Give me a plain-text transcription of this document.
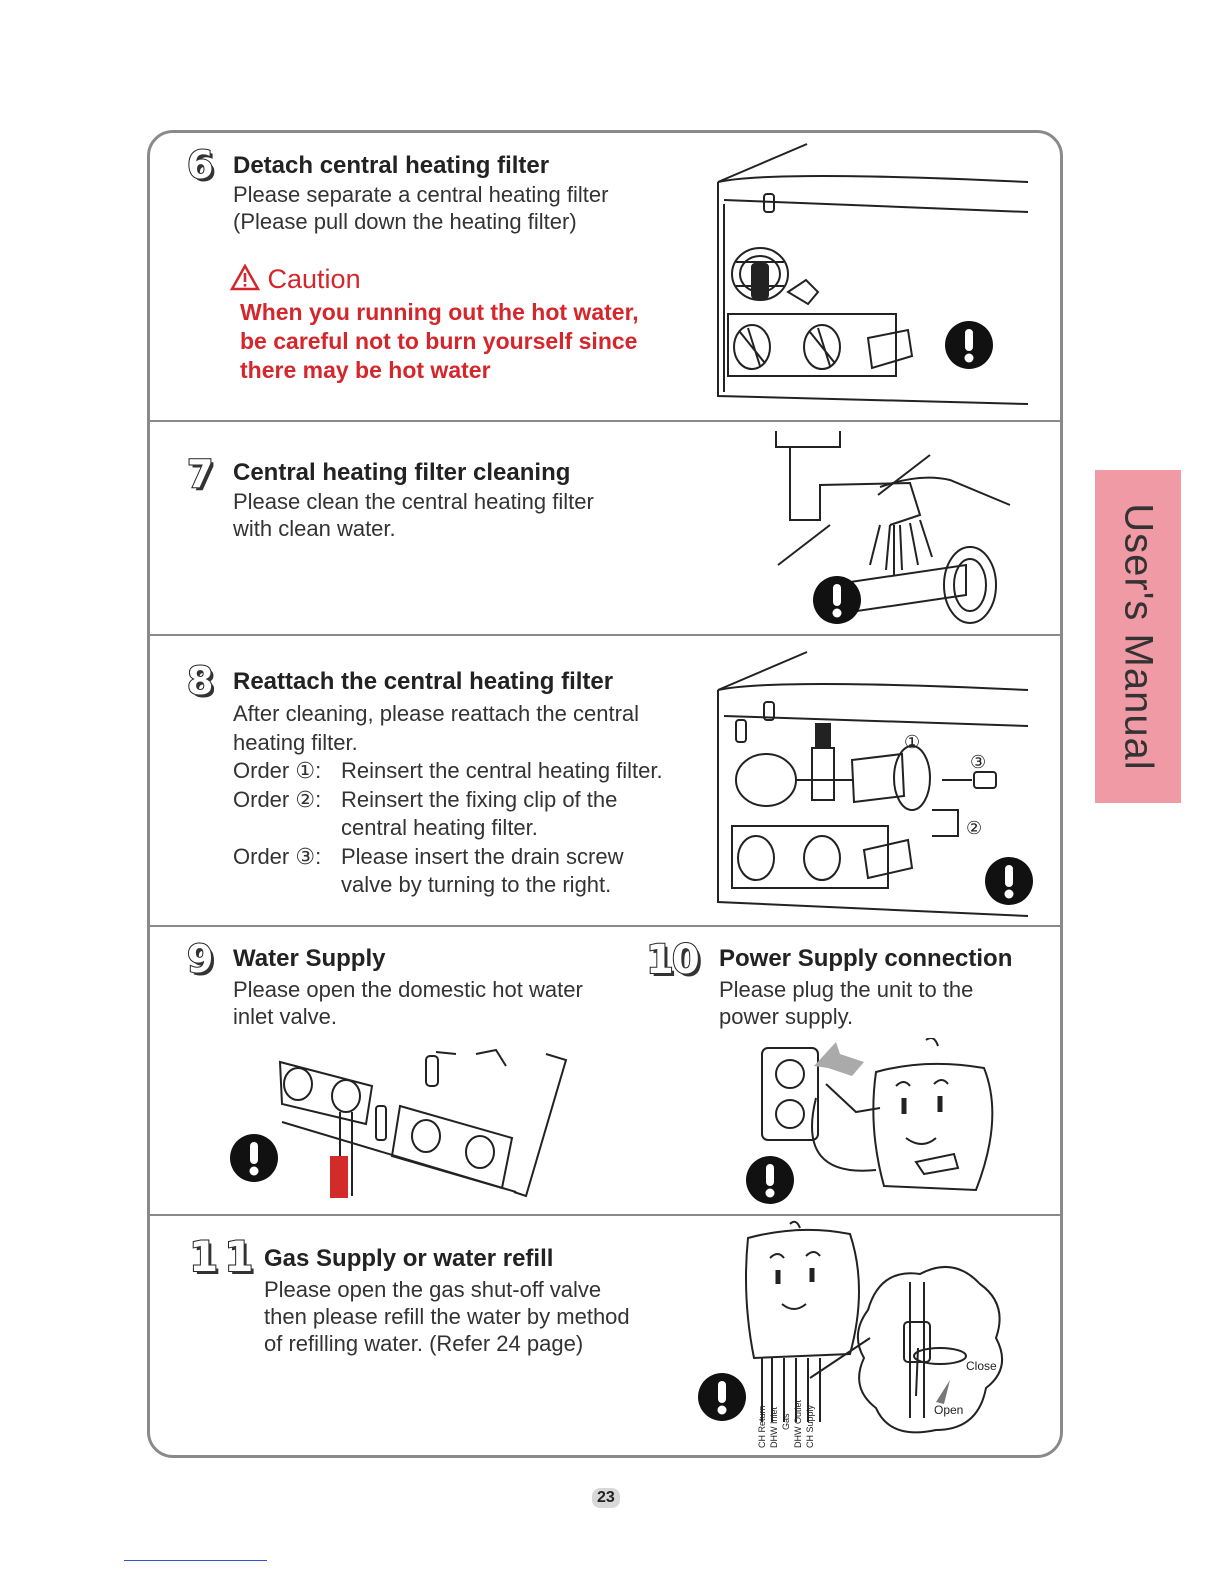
User's Manual
6 Detach central heating filter
Please separate a central heating filter
(Please pull down the heating filter)
Caution
When you running out the hot water,
be careful not to burn yourself since
there may be hot water
7 Central heating filter cleaning
Please clean the central heating filter
with clean water.
8 Reattach the central heating filter
After cleaning, please reattach the central
heating filter.
Order ①: Reinsert the central heating filter.
Order ②: Reinsert the fixing clip of the
central heating filter.
Order ③: Please insert the drain screw
valve by turning to the right.
①
③
②
9 Water Supply
Please open the domestic hot water
inlet valve.
10 Power Supply connection
Please plug the unit to the
power supply.
11 Gas Supply or water refill
Please open the gas shut-off valve
then please refill the water by method
of refilling water. (Refer 24 page)
Close
Open
CH Return DHW Inlet Gas DHW Outlet CH Supply
23
